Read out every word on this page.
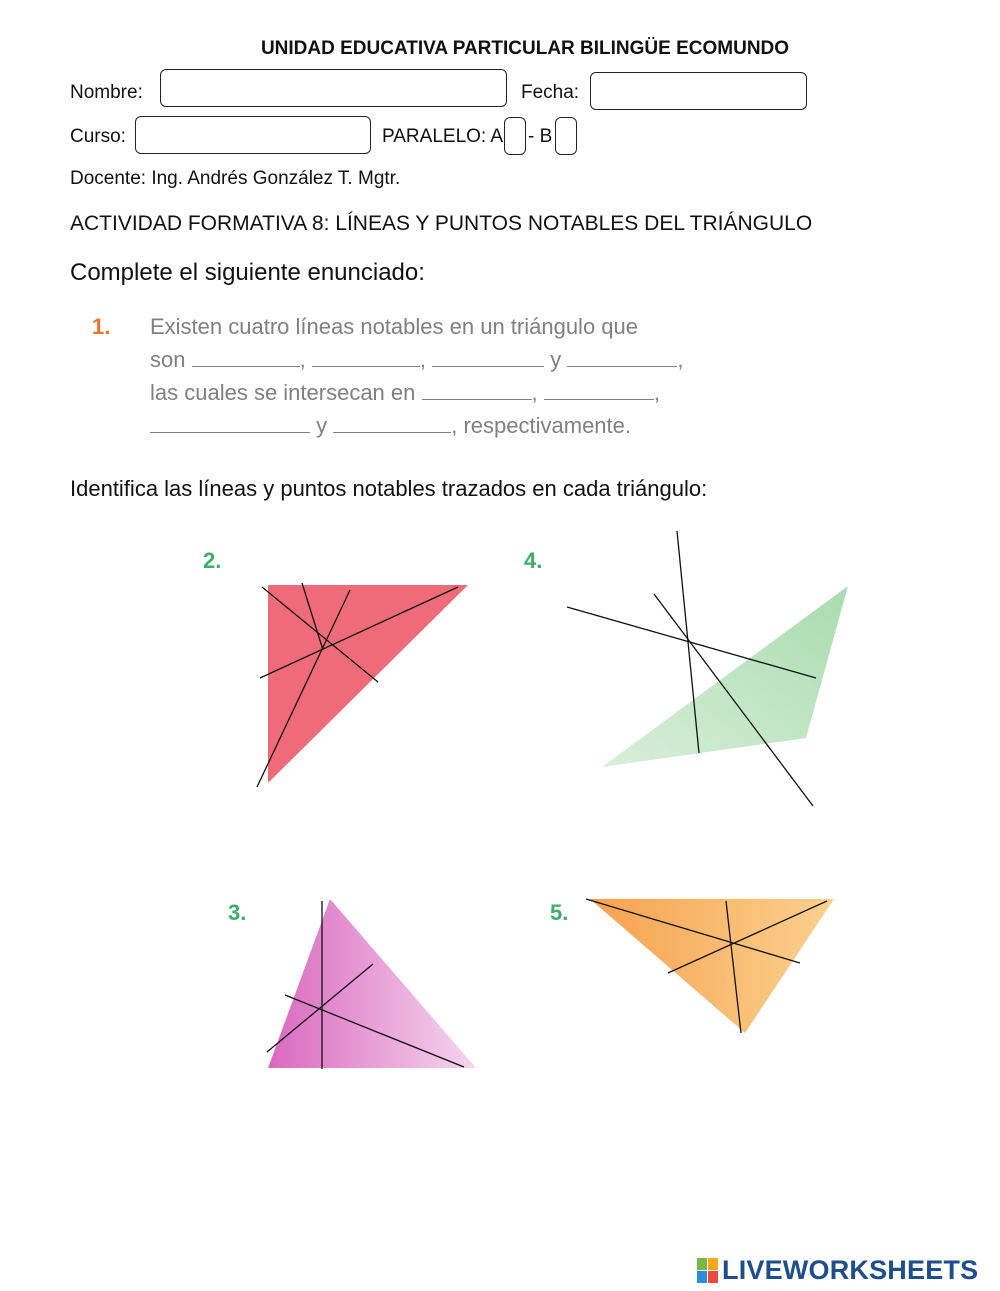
UNIDAD EDUCATIVA PARTICULAR BILINGÜE ECOMUNDO
Nombre:	Fecha:
Curso:	PARALELO: A - B
Docente: Ing. Andrés González T. Mgtr.
ACTIVIDAD FORMATIVA 8: LÍNEAS Y PUNTOS NOTABLES DEL TRIÁNGULO
Complete el siguiente enunciado:
1. Existen cuatro líneas notables en un triángulo que
son	,	,	y	,
las cuales se intersecan en	,	,
y	, respectivamente.
Identifica las líneas y puntos notables trazados en cada triángulo:
2.	4.
3.	5.
LIVEWORKSHEETS
